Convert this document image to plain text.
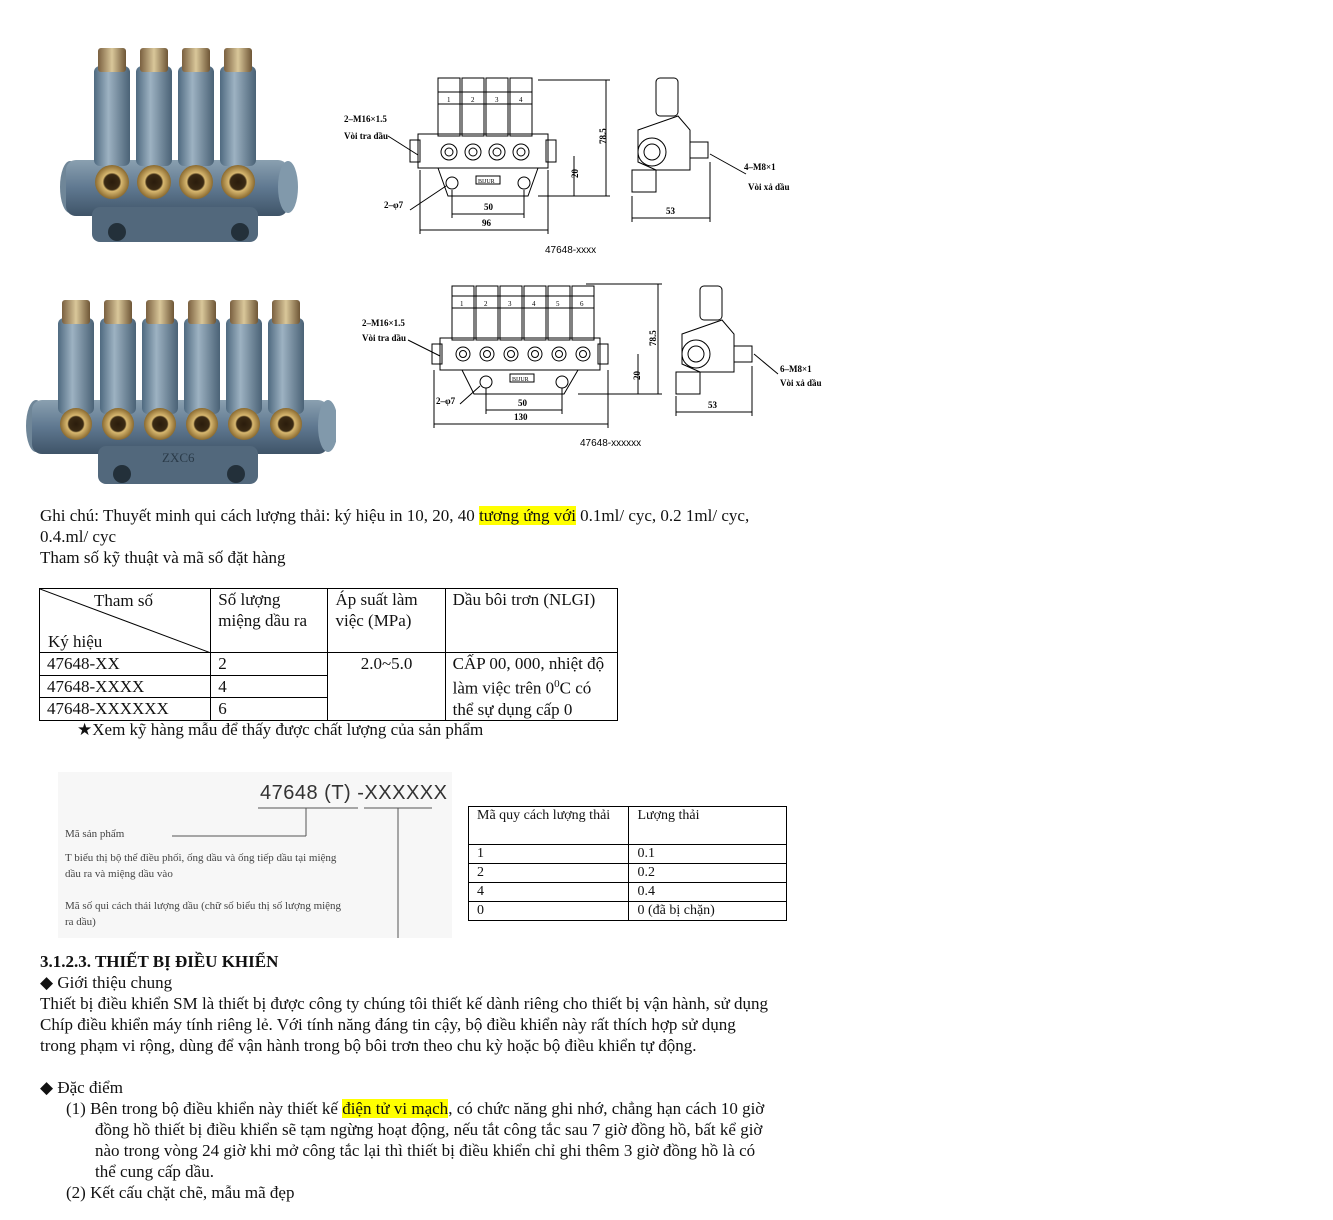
ZXC6
2–M16×1.5
Vòi tra dầu
1	2	3	4
BIJUR
78.5
20
2–φ7	50
96
53
4–M8×1
Vòi xả dầu
47648-xxxx
2–M16×1.5
Vòi tra dầu
1	2	3	4	5	6
BIJUR
78.5
20
2–φ7	50
130
53
6–M8×1
Vòi xả dầu
47648-xxxxxx
Ghi chú: Thuyết minh qui cách lượng thải: ký hiệu in 10, 20, 40 tương ứng với 0.1ml/ cyc, 0.2 1ml/ cyc,
0.4.ml/ cyc
Tham số kỹ thuật và mã số đặt hàng
Tham số
Ký hiệu	Số lượng miệng dầu ra	Áp suất làm việc (MPa)	Dầu bôi trơn (NLGI)
47648-XX	2	2.0~5.0	CẤP 00, 000, nhiệt độ làm việc trên $0^0C$ có thể sự dụng cấp 0
47648-XXXX	4		
47648-XXXXXX	6		
★Xem kỹ hàng mẫu để thấy được chất lượng của sản phẩm
47648 (T) -XXXXXX
Mã sản phẩm
T biểu thị bộ thể điều phối, ống dầu và ống tiếp dầu tại miệng
dầu ra và miệng dầu vào
Mã số qui cách thải lượng dầu (chữ số biểu thị số lượng miệng
ra dầu)
Mã quy cách lượng thải	Lượng thải
1	0.1
2	0.2
4	0.4
0	0 (đã bị chặn)
3.1.2.3. THIẾT BỊ ĐIỀU KHIỂN
◆ Giới thiệu chung
Thiết bị điều khiển SM là thiết bị được công ty chúng tôi thiết kế dành riêng cho thiết bị vận hành, sử dụng
Chíp điều khiển máy tính riêng lẻ. Với tính năng đáng tin cậy, bộ điều khiển này rất thích hợp sử dụng
trong phạm vi rộng, dùng để vận hành trong bộ bôi trơn theo chu kỳ hoặc bộ điều khiển tự động.
◆ Đặc điểm
(1) Bên trong bộ điều khiển này thiết kế điện tử vi mạch, có chức năng ghi nhớ, chẳng hạn cách 10 giờ
đồng hồ thiết bị điều khiển sẽ tạm ngừng hoạt động, nếu tắt công tắc sau 7 giờ đồng hồ, bất kể giờ
nào trong vòng 24 giờ khi mở công tắc lại thì thiết bị điều khiển chỉ ghi thêm 3 giờ đồng hồ là có
thể cung cấp dầu.
(2) Kết cấu chặt chẽ, mẫu mã đẹp
